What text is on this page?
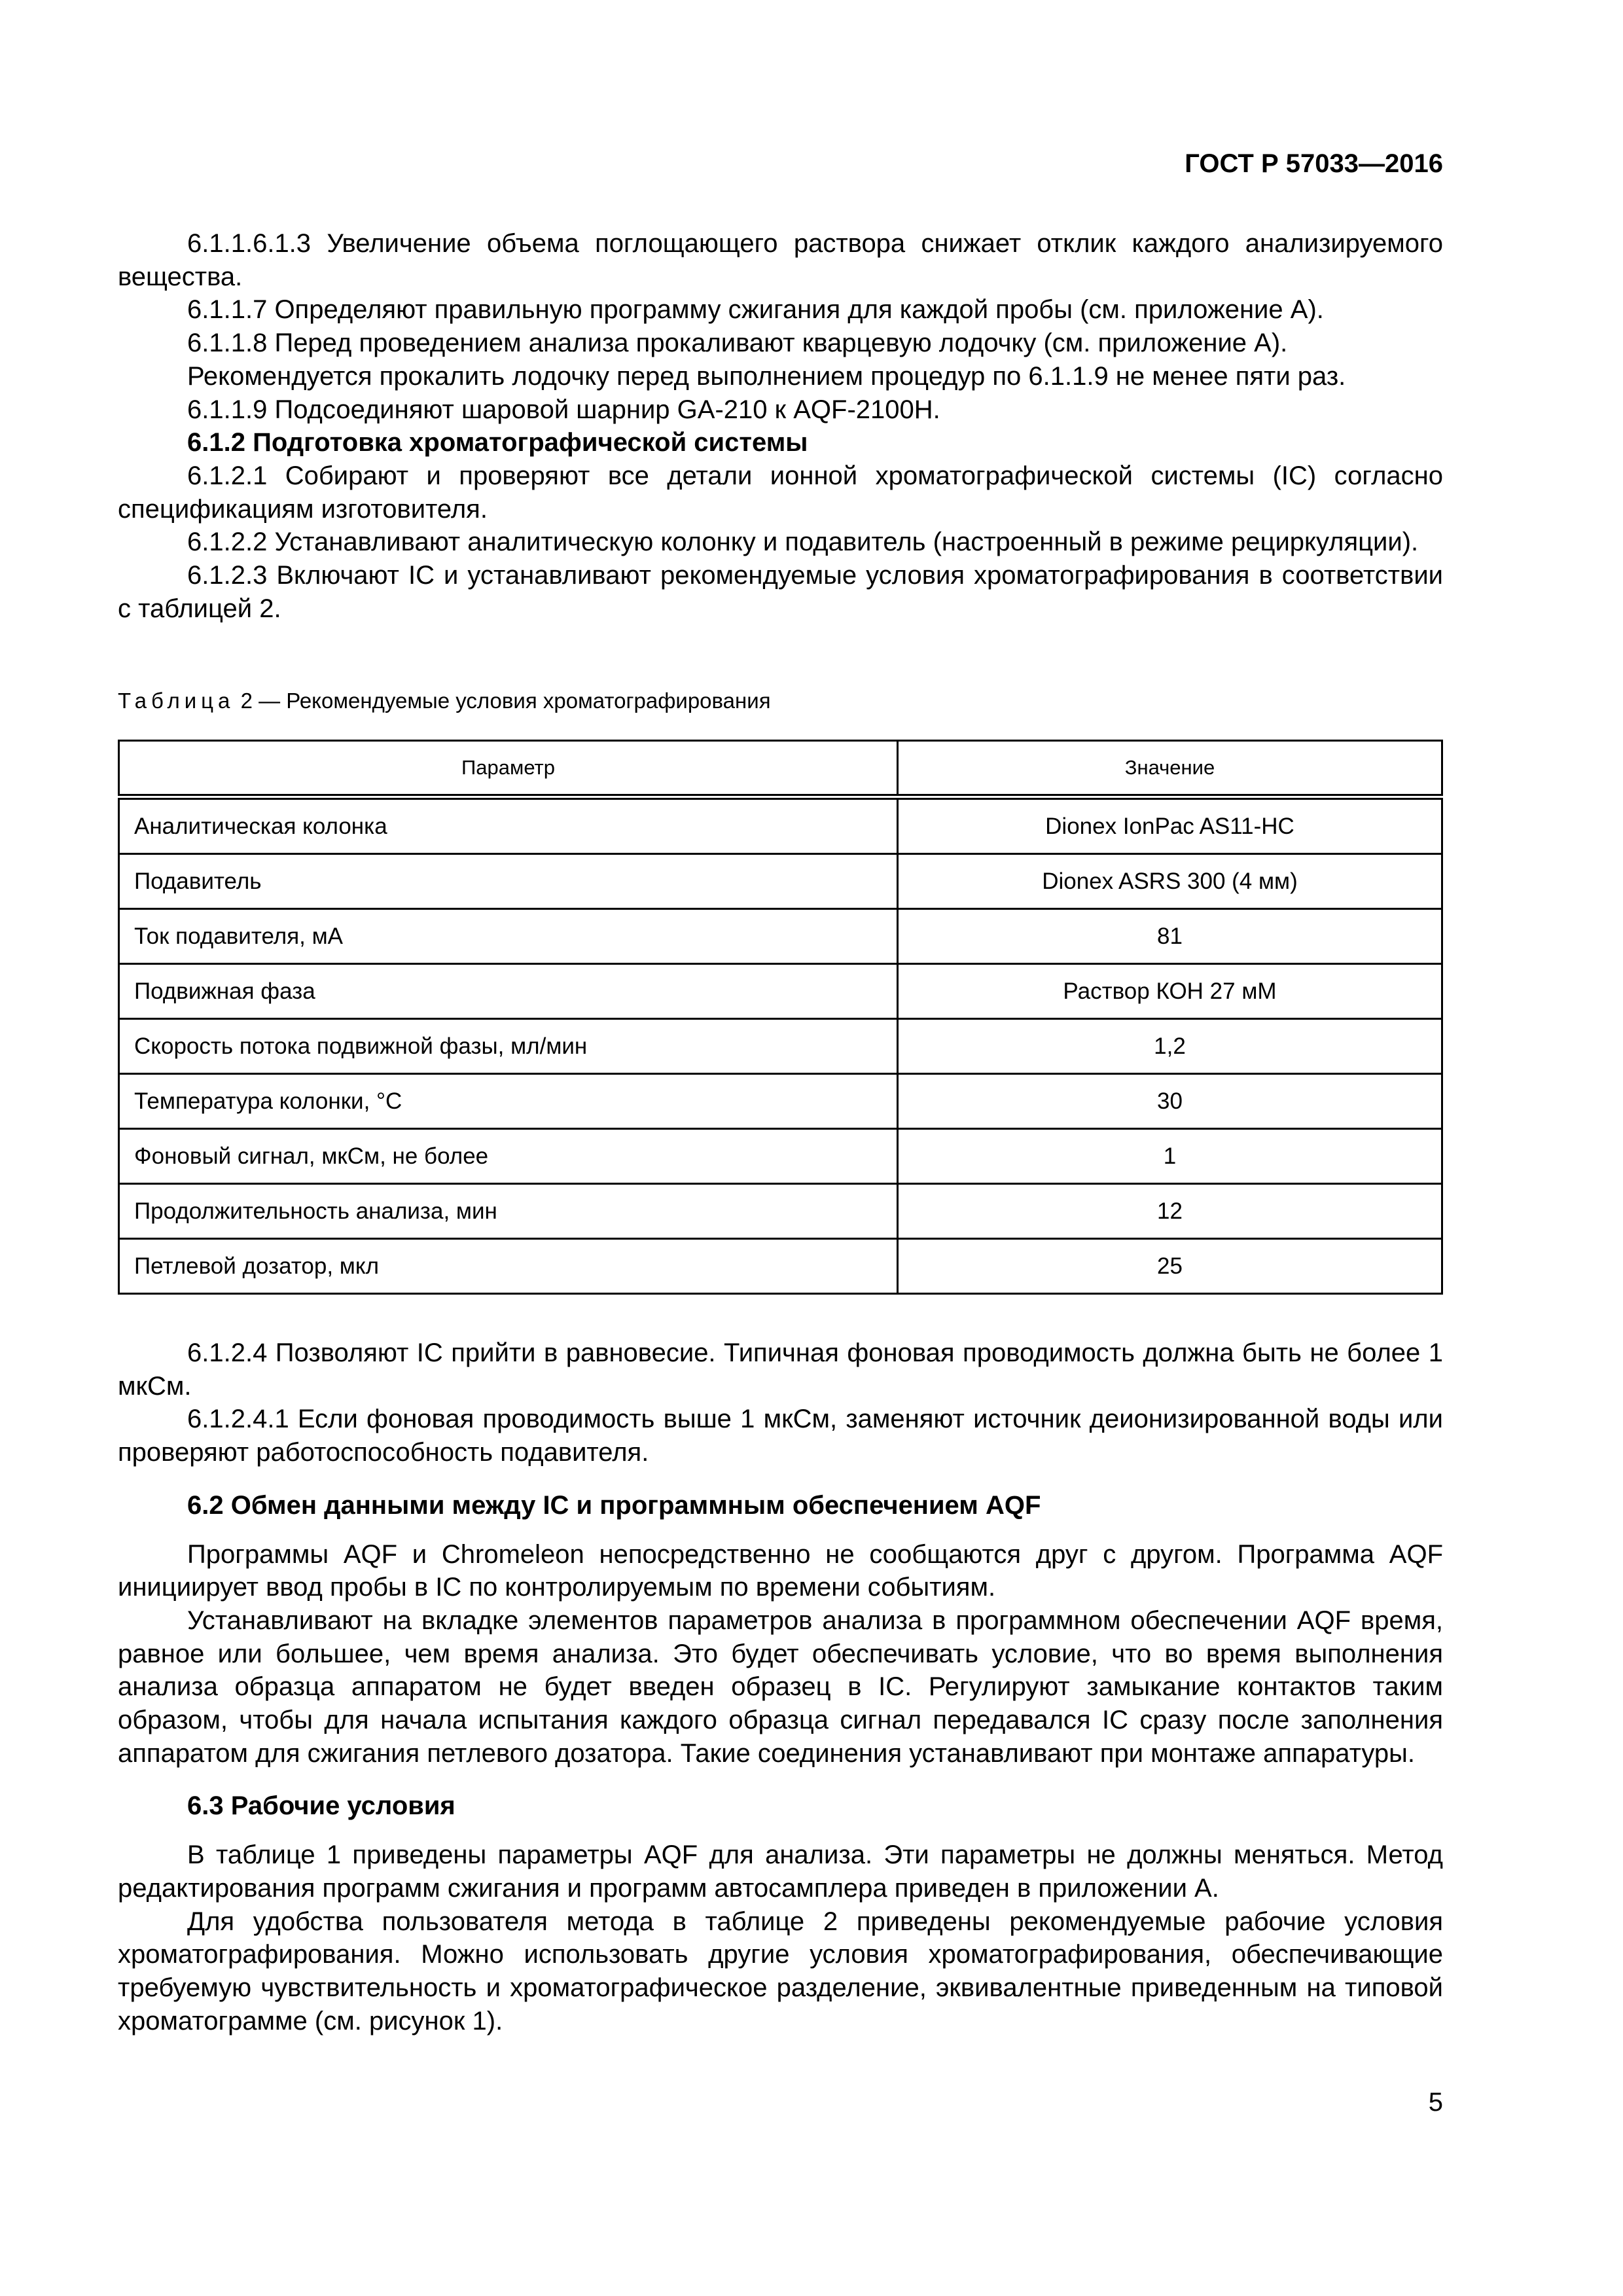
ГОСТ Р 57033—2016

6.1.1.6.1.3 Увеличение объема поглощающего раствора снижает отклик каждого анализируемого вещества.

6.1.1.7 Определяют правильную программу сжигания для каждой пробы (см. приложение А).

6.1.1.8 Перед проведением анализа прокаливают кварцевую лодочку (см. приложение А).

Рекомендуется прокалить лодочку перед выполнением процедур по 6.1.1.9 не менее пяти раз.

6.1.1.9 Подсоединяют шаровой шарнир GA-210 к AQF-2100H.

6.1.2 Подготовка хроматографической системы

6.1.2.1 Собирают и проверяют все детали ионной хроматографической системы (IC) согласно спецификациям изготовителя.

6.1.2.2 Устанавливают аналитическую колонку и подавитель (настроенный в режиме рециркуляции).

6.1.2.3 Включают IC и устанавливают рекомендуемые условия хроматографирования в соответствии с таблицей 2.

Таблица 2 — Рекомендуемые условия хроматографирования
Параметр	Значение
Аналитическая колонка	Dionex IonPac AS11-HC
Подавитель	Dionex ASRS 300 (4 мм)
Ток подавителя, мА	81
Подвижная фаза	Раствор КОН 27 мМ
Скорость потока подвижной фазы, мл/мин	1,2
Температура колонки, °С	30
Фоновый сигнал, мкСм, не более	1
Продолжительность анализа, мин	12
Петлевой дозатор, мкл	25

6.1.2.4 Позволяют IC прийти в равновесие. Типичная фоновая проводимость должна быть не более 1 мкСм.

6.1.2.4.1 Если фоновая проводимость выше 1 мкСм, заменяют источник деионизированной воды или проверяют работоспособность подавителя.

6.2 Обмен данными между IC и программным обеспечением AQF

Программы AQF и Chromeleon непосредственно не сообщаются друг с другом. Программа AQF инициирует ввод пробы в IC по контролируемым по времени событиям.

Устанавливают на вкладке элементов параметров анализа в программном обеспечении AQF время, равное или большее, чем время анализа. Это будет обеспечивать условие, что во время выполнения анализа образца аппаратом не будет введен образец в IC. Регулируют замыкание контактов таким образом, чтобы для начала испытания каждого образца сигнал передавался IC сразу после заполнения аппаратом для сжигания петлевого дозатора. Такие соединения устанавливают при монтаже аппаратуры.

6.3 Рабочие условия

В таблице 1 приведены параметры AQF для анализа. Эти параметры не должны меняться. Метод редактирования программ сжигания и программ автосамплера приведен в приложении А.

Для удобства пользователя метода в таблице 2 приведены рекомендуемые рабочие условия хроматографирования. Можно использовать другие условия хроматографирования, обеспечивающие требуемую чувствительность и хроматографическое разделение, эквивалентные приведенным на типовой хроматограмме (см. рисунок 1).

5
